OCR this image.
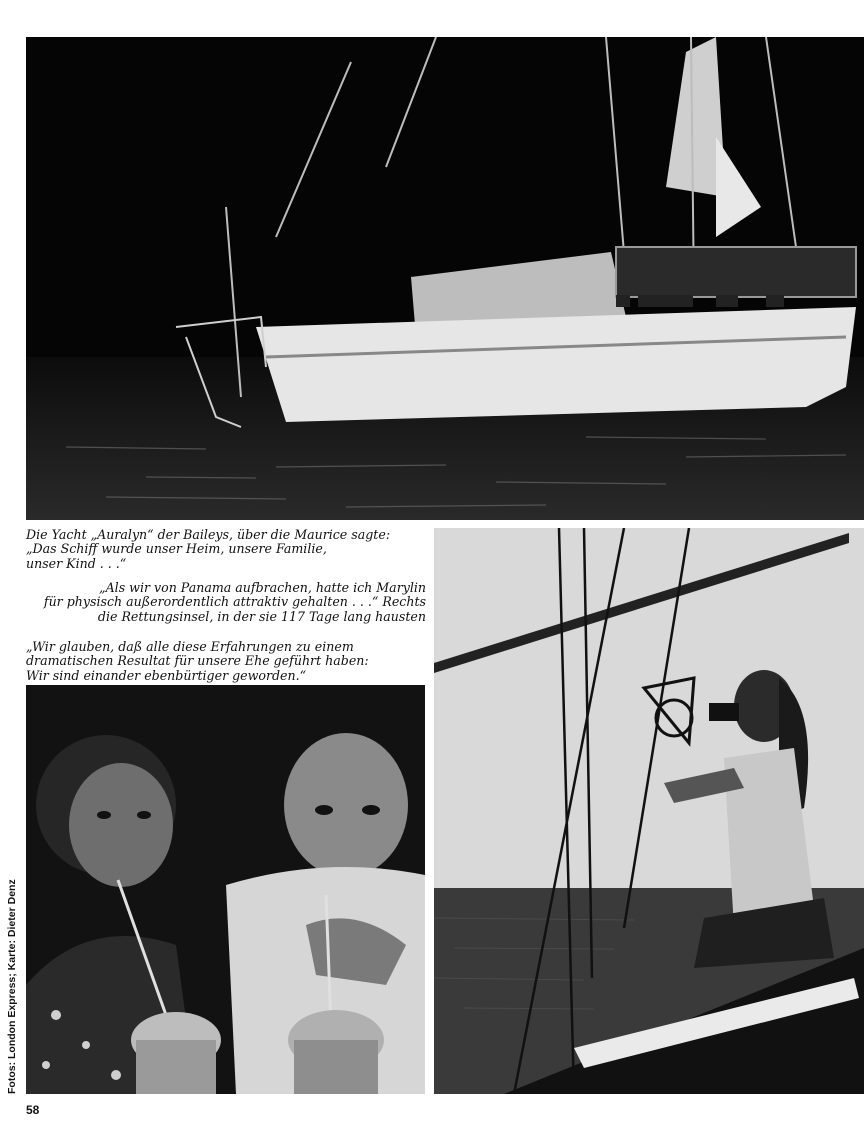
Die Yacht „Auralyn“ der Baileys, über die Maurice sagte:
„Das Schiff wurde unser Heim, unsere Familie,
unser Kind . . .“
„Als wir von Panama aufbrachen, hatte ich Marylin
für physisch außerordentlich attraktiv gehalten . . .“ Rechts
die Rettungsinsel, in der sie 117 Tage lang hausten
„Wir glauben, daß alle diese Erfahrungen zu einem
dramatischen Resultat für unsere Ehe geführt haben:
Wir sind einander ebenbürtiger geworden.“
Fotos: London Express; Karte: Dieter Denz
58
